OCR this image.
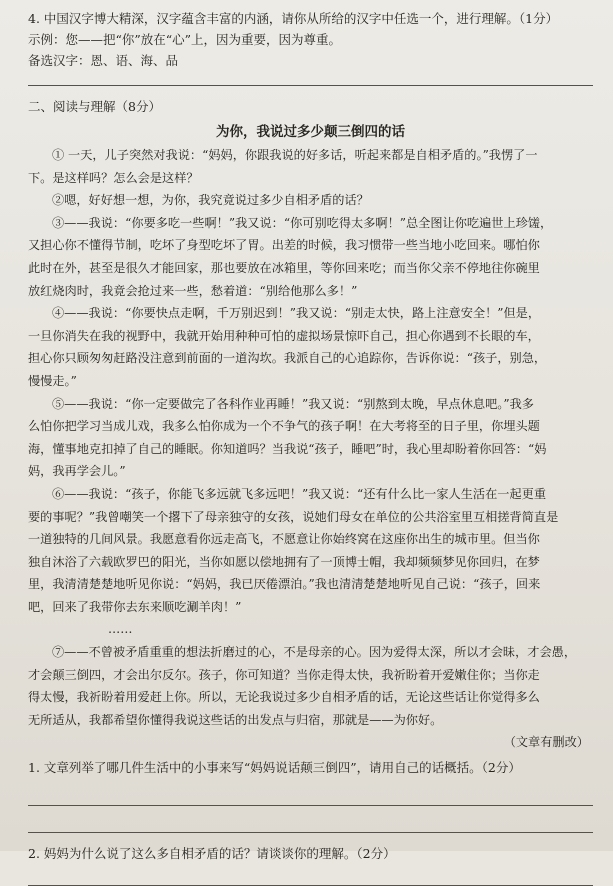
4. 中国汉字博大精深，汉字蕴含丰富的内涵，请你从所给的汉字中任选一个，进行理解。（1分）
示例：您——把“你”放在“心”上，因为重要，因为尊重。
备选汉字：恩、语、海、品
二、阅读与理解（8分）
为你，我说过多少颠三倒四的话

① 一天，儿子突然对我说：“妈妈，你跟我说的好多话，听起来都是自相矛盾的。”我愣了一

下。是这样吗？怎么会是这样？

②嗯，好好想一想，为你，我究竟说过多少自相矛盾的话？

③——我说：“你要多吃一些啊！”我又说：“你可别吃得太多啊！”总全图让你吃遍世上珍馐，

又担心你不懂得节制，吃坏了身型吃坏了胃。出差的时候，我习惯带一些当地小吃回来。哪怕你

此时在外，甚至是很久才能回家，那也要放在冰箱里，等你回来吃；而当你父亲不停地往你碗里

放红烧肉时，我竟会抢过来一些，愁着道：“别给他那么多！”

④——我说：“你要快点走啊，千万别迟到！”我又说：“别走太快，路上注意安全！”但是，

一旦你消失在我的视野中，我就开始用种种可怕的虚拟场景惊吓自己，担心你遇到不长眼的车，

担心你只顾匆匆赶路没注意到前面的一道沟坎。我派自己的心追踪你，告诉你说：“孩子，别急，

慢慢走。”

⑤——我说：“你一定要做完了各科作业再睡！”我又说：“别熬到太晚，早点休息吧。”我多

么怕你把学习当成儿戏，我多么怕你成为一个不争气的孩子啊！在大考将至的日子里，你埋头题

海，懂事地克扣掉了自己的睡眠。你知道吗？当我说“孩子，睡吧”时，我心里却盼着你回答：“妈

妈，我再学会儿。”

⑥——我说：“孩子，你能飞多远就飞多远吧！”我又说：“还有什么比一家人生活在一起更重

要的事呢？”我曾嘲笑一个撂下了母亲独守的女孩，说她们母女在单位的公共浴室里互相搓背简直是

一道独特的几间风景。我愿意看你远走高飞，不愿意让你始终窝在这座你出生的城市里。但当你

独自沐浴了六载欧罗巴的阳光，当你如愿以偿地拥有了一顶博士帽，我却频频梦见你回归，在梦

里，我清清楚楚地听见你说：“妈妈，我已厌倦漂泊。”我也清清楚楚地听见自己说：“孩子，回来

吧，回来了我带你去东来顺吃涮羊肉！”

……

⑦——不曾被矛盾重重的想法折磨过的心，不是母亲的心。因为爱得太深，所以才会昧，才会愚，

才会颠三倒四，才会出尔反尔。孩子，你可知道？当你走得太快，我祈盼着开爱嫩住你；当你走

得太慢，我祈盼着用爱赶上你。所以，无论我说过多少自相矛盾的话，无论这些话让你觉得多么

无所适从，我都希望你懂得我说这些话的出发点与归宿，那就是——为你好。

（文章有删改）
1. 文章列举了哪几件生活中的小事来写“妈妈说话颠三倒四”，请用自己的话概括。（2分）
2. 妈妈为什么说了这么多自相矛盾的话？请谈谈你的理解。（2分）
